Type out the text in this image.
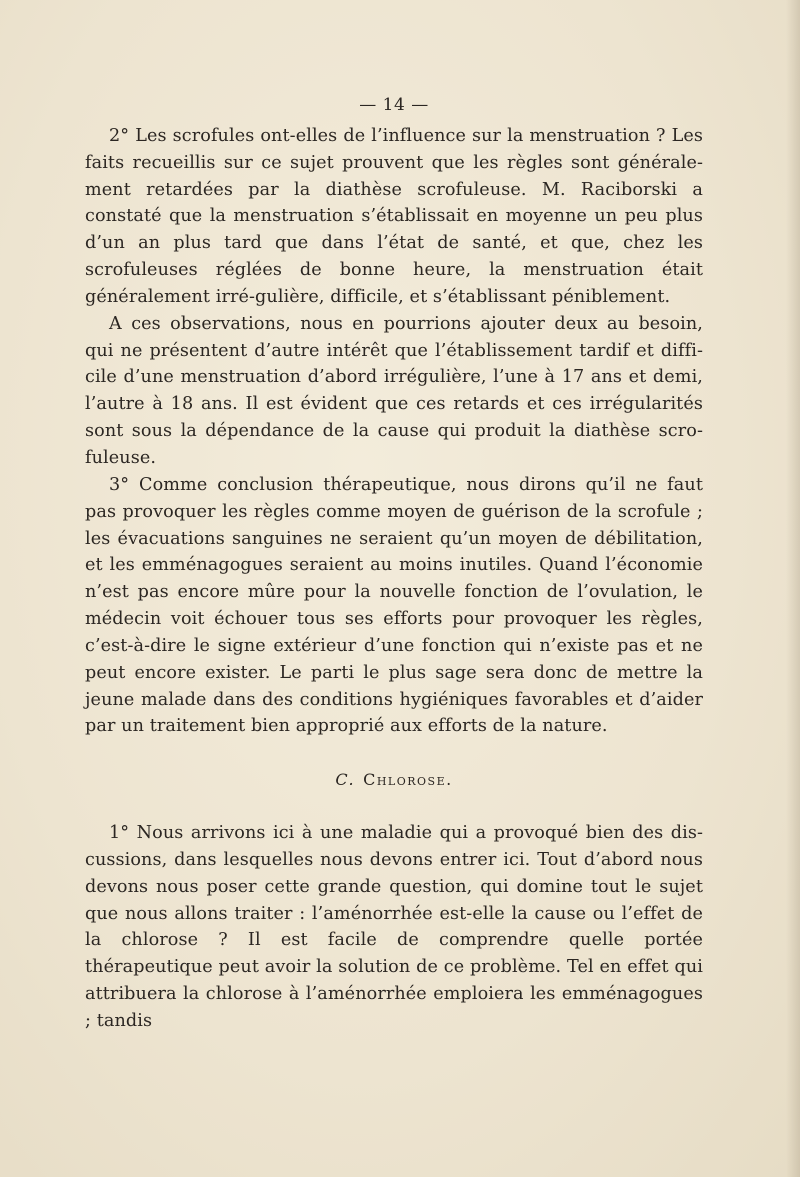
— 14 —

2° Les scrofules ont-elles de l’influence sur la menstruation ? Les faits recueillis sur ce sujet prouvent que les règles sont générale-ment retardées par la diathèse scrofuleuse. M. Raciborski a constaté que la menstruation s’établissait en moyenne un peu plus d’un an plus tard que dans l’état de santé, et que, chez les scrofuleuses réglées de bonne heure, la menstruation était généralement irré-gulière, difficile, et s’établissant péniblement.

A ces observations, nous en pourrions ajouter deux au besoin, qui ne présentent d’autre intérêt que l’établissement tardif et diffi-cile d’une menstruation d’abord irrégulière, l’une à 17 ans et demi, l’autre à 18 ans. Il est évident que ces retards et ces irrégularités sont sous la dépendance de la cause qui produit la diathèse scro-fuleuse.

3° Comme conclusion thérapeutique, nous dirons qu’il ne faut pas provoquer les règles comme moyen de guérison de la scrofule ; les évacuations sanguines ne seraient qu’un moyen de débilitation, et les emménagogues seraient au moins inutiles. Quand l’économie n’est pas encore mûre pour la nouvelle fonction de l’ovulation, le médecin voit échouer tous ses efforts pour provoquer les règles, c’est-à-dire le signe extérieur d’une fonction qui n’existe pas et ne peut encore exister. Le parti le plus sage sera donc de mettre la jeune malade dans des conditions hygiéniques favorables et d’aider par un traitement bien approprié aux efforts de la nature.

C. Chlorose.

1° Nous arrivons ici à une maladie qui a provoqué bien des dis-cussions, dans lesquelles nous devons entrer ici. Tout d’abord nous devons nous poser cette grande question, qui domine tout le sujet que nous allons traiter : l’aménorrhée est-elle la cause ou l’effet de la chlorose ? Il est facile de comprendre quelle portée thérapeutique peut avoir la solution de ce problème. Tel en effet qui attribuera la chlorose à l’aménorrhée emploiera les emménagogues ; tandis
